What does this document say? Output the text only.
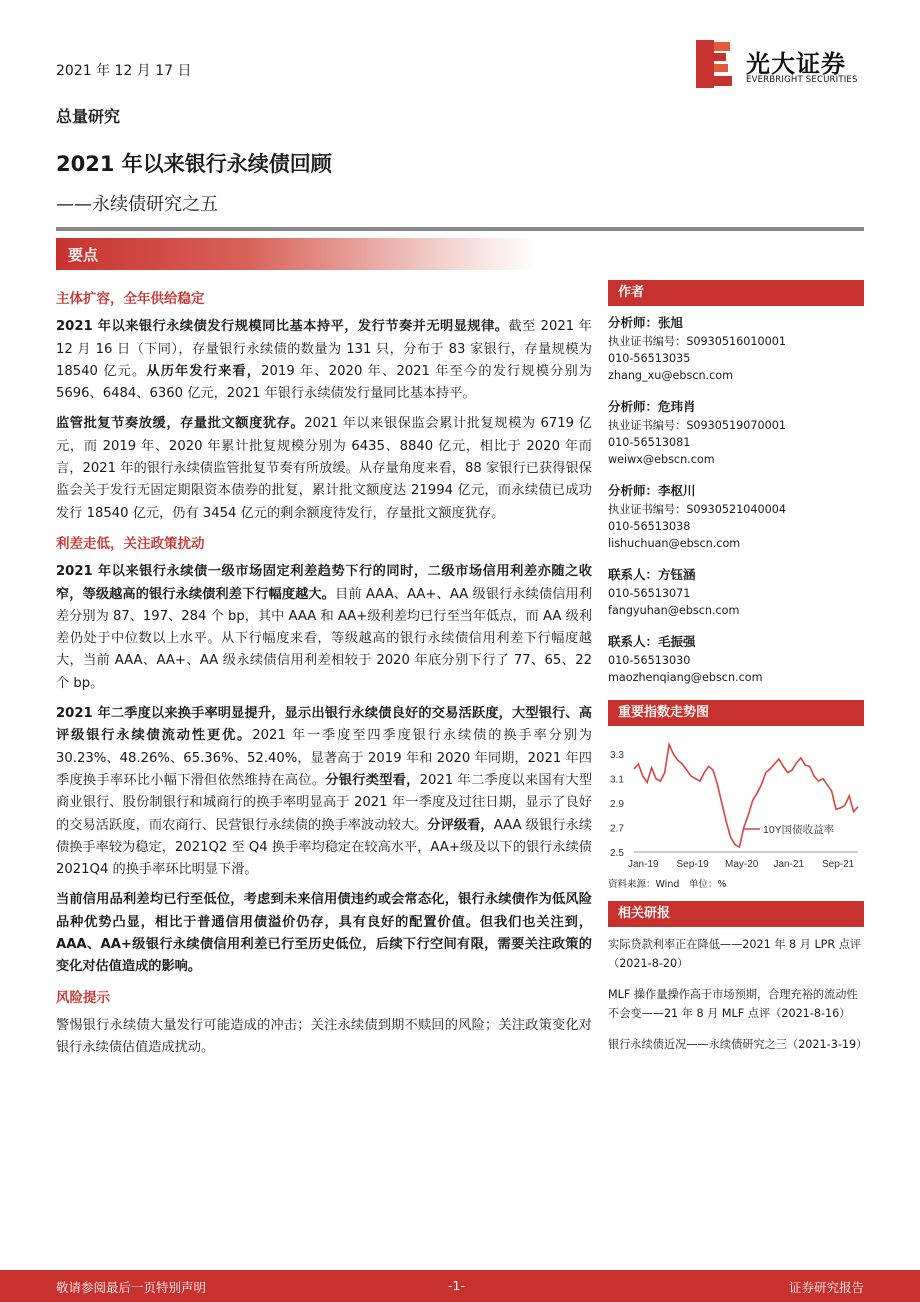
2021 年 12 月 17 日	光大证券
EVERBRIGHT SECURITIES
总量研究
2021 年以来银行永续债回顾
——永续债研究之五
要点
主体扩容，全年供给稳定

2021 年以来银行永续债发行规模同比基本持平，发行节奏并无明显规律。截至 2021 年 12 月 16 日（下同），存量银行永续债的数量为 131 只，分布于 83 家银行，存量规模为 18540 亿元。从历年发行来看，2019 年、2020 年、2021 年至今的发行规模分别为 5696、6484、6360 亿元，2021 年银行永续债发行量同比基本持平。

监管批复节奏放缓，存量批文额度犹存。2021 年以来银保监会累计批复规模为 6719 亿元，而 2019 年、2020 年累计批复规模分别为 6435、8840 亿元，相比于 2020 年而言，2021 年的银行永续债监管批复节奏有所放缓。从存量角度来看，88 家银行已获得银保监会关于发行无固定期限资本债券的批复，累计批文额度达 21994 亿元，而永续债已成功发行 18540 亿元，仍有 3454 亿元的剩余额度待发行，存量批文额度犹存。

利差走低，关注政策扰动

2021 年以来银行永续债一级市场固定利差趋势下行的同时，二级市场信用利差亦随之收窄，等级越高的银行永续债利差下行幅度越大。目前 AAA、AA+、AA 级银行永续债信用利差分别为 87、197、284 个 bp，其中 AAA 和 AA+级利差均已行至当年低点，而 AA 级利差仍处于中位数以上水平。从下行幅度来看，等级越高的银行永续债信用利差下行幅度越大，当前 AAA、AA+、AA 级永续债信用利差相较于 2020 年底分别下行了 77、65、22 个 bp。

2021 年二季度以来换手率明显提升，显示出银行永续债良好的交易活跃度，大型银行、高评级银行永续债流动性更优。2021 年一季度至四季度银行永续债的换手率分别为 30.23%、48.26%、65.36%、52.40%，显著高于 2019 年和 2020 年同期，2021 年四季度换手率环比小幅下滑但依然维持在高位。分银行类型看，2021 年二季度以来国有大型商业银行、股份制银行和城商行的换手率明显高于 2021 年一季度及过往日期，显示了良好的交易活跃度，而农商行、民营银行永续债的换手率波动较大。分评级看，AAA 级银行永续债换手率较为稳定，2021Q2 至 Q4 换手率均稳定在较高水平，AA+级及以下的银行永续债 2021Q4 的换手率环比明显下滑。

当前信用品利差均已行至低位，考虑到未来信用债违约或会常态化，银行永续债作为低风险品种优势凸显，相比于普通信用债溢价仍存，具有良好的配置价值。但我们也关注到，AAA、AA+级银行永续债信用利差已行至历史低位，后续下行空间有限，需要关注政策的变化对估值造成的影响。

风险提示

警惕银行永续债大量发行可能造成的冲击；关注永续债到期不赎回的风险；关注政策变化对银行永续债估值造成扰动。

作者
分析师：张旭
执业证书编号：S0930516010001
010-56513035
zhang_xu@ebscn.com
分析师：危玮肖
执业证书编号：S0930519070001
010-56513081
weiwx@ebscn.com
分析师：李枢川
执业证书编号：S0930521040004
010-56513038
lishuchuan@ebscn.com
联系人：方钰涵
010-56513071
fangyuhan@ebscn.com
联系人：毛振强
010-56513030
maozhenqiang@ebscn.com
重要指数走势图
3.3
3.1
2.9
2.7
2.5
Jan-19 Sep-19 May-20 Jan-21 Sep-21
10Y国债收益率
资料来源：Wind　单位：%
相关研报

实际贷款利率正在降低——2021 年 8 月 LPR 点评（2021-8-20）

MLF 操作量操作高于市场预期，合理充裕的流动性不会变——21 年 8 月 MLF 点评（2021-8-16）

银行永续债近况——永续债研究之三（2021-3-19）

敬请参阅最后一页特别声明	-1-	证券研究报告
